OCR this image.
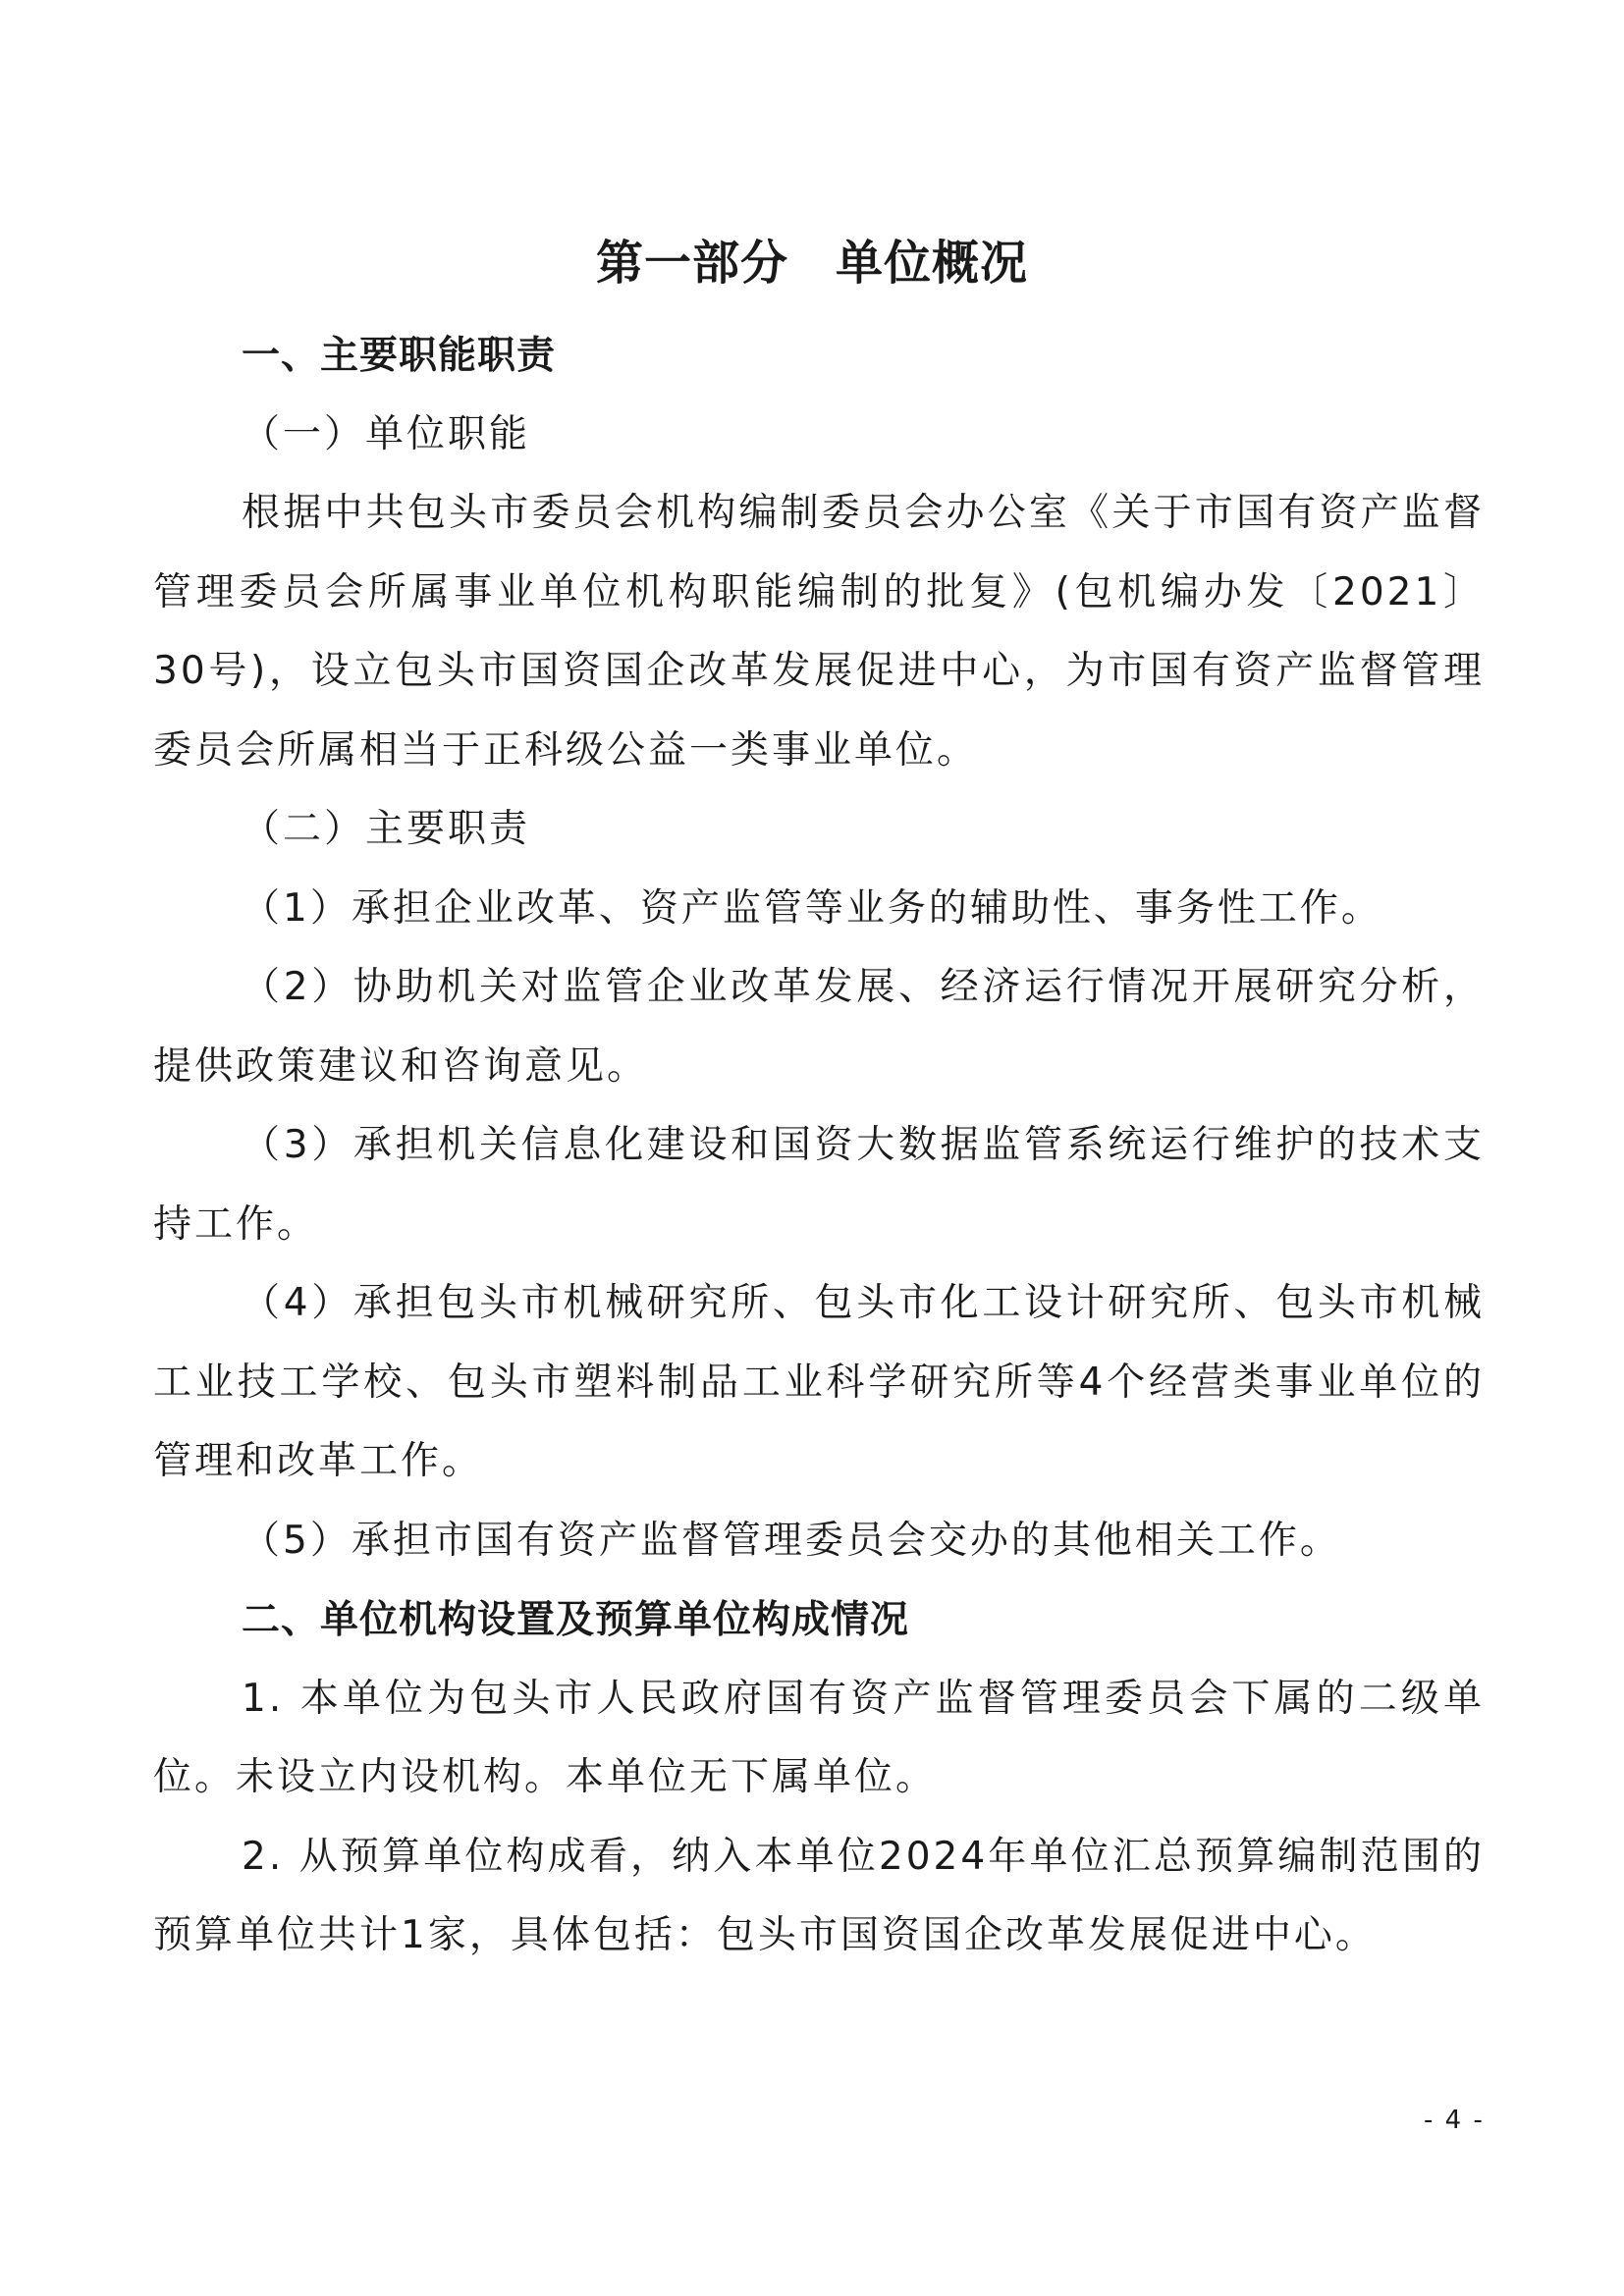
第一部分 单位概况

一、主要职能职责

（一）单位职能

根据中共包头市委员会机构编制委员会办公室《关于市国有资产监督管理委员会所属事业单位机构职能编制的批复》(包机编办发〔2021〕30号)，设立包头市国资国企改革发展促进中心，为市国有资产监督管理委员会所属相当于正科级公益一类事业单位。

（二）主要职责

（1）承担企业改革、资产监管等业务的辅助性、事务性工作。

（2）协助机关对监管企业改革发展、经济运行情况开展研究分析，提供政策建议和咨询意见。

（3）承担机关信息化建设和国资大数据监管系统运行维护的技术支持工作。

（4）承担包头市机械研究所、包头市化工设计研究所、包头市机械工业技工学校、包头市塑料制品工业科学研究所等4个经营类事业单位的管理和改革工作。

（5）承担市国有资产监督管理委员会交办的其他相关工作。

二、单位机构设置及预算单位构成情况

1. 本单位为包头市人民政府国有资产监督管理委员会下属的二级单位。未设立内设机构。本单位无下属单位。

2. 从预算单位构成看，纳入本单位2024年单位汇总预算编制范围的预算单位共计1家，具体包括：包头市国资国企改革发展促进中心。

- 4 -
